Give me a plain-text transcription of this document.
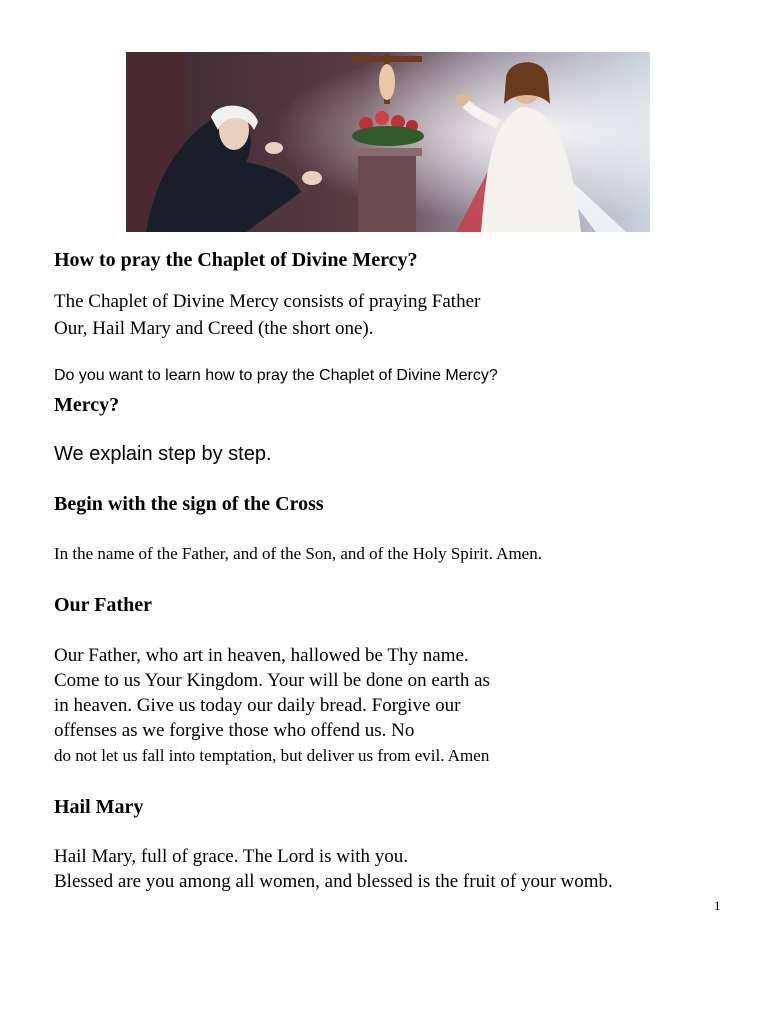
How to pray the Chaplet of Divine Mercy?
The Chaplet of Divine Mercy consists of praying Father
Our, Hail Mary and Creed (the short one).
Do you want to learn how to pray the Chaplet of Divine Mercy?
Mercy?
We explain step by step.
Begin with the sign of the Cross
In the name of the Father, and of the Son, and of the Holy Spirit. Amen.
Our Father
Our Father, who art in heaven, hallowed be Thy name.
Come to us Your Kingdom. Your will be done on earth as
in heaven. Give us today our daily bread. Forgive our
offenses as we forgive those who offend us. No
do not let us fall into temptation, but deliver us from evil. Amen
Hail Mary
Hail Mary, full of grace. The Lord is with you.
Blessed are you among all women, and blessed is the fruit of your womb.
1
